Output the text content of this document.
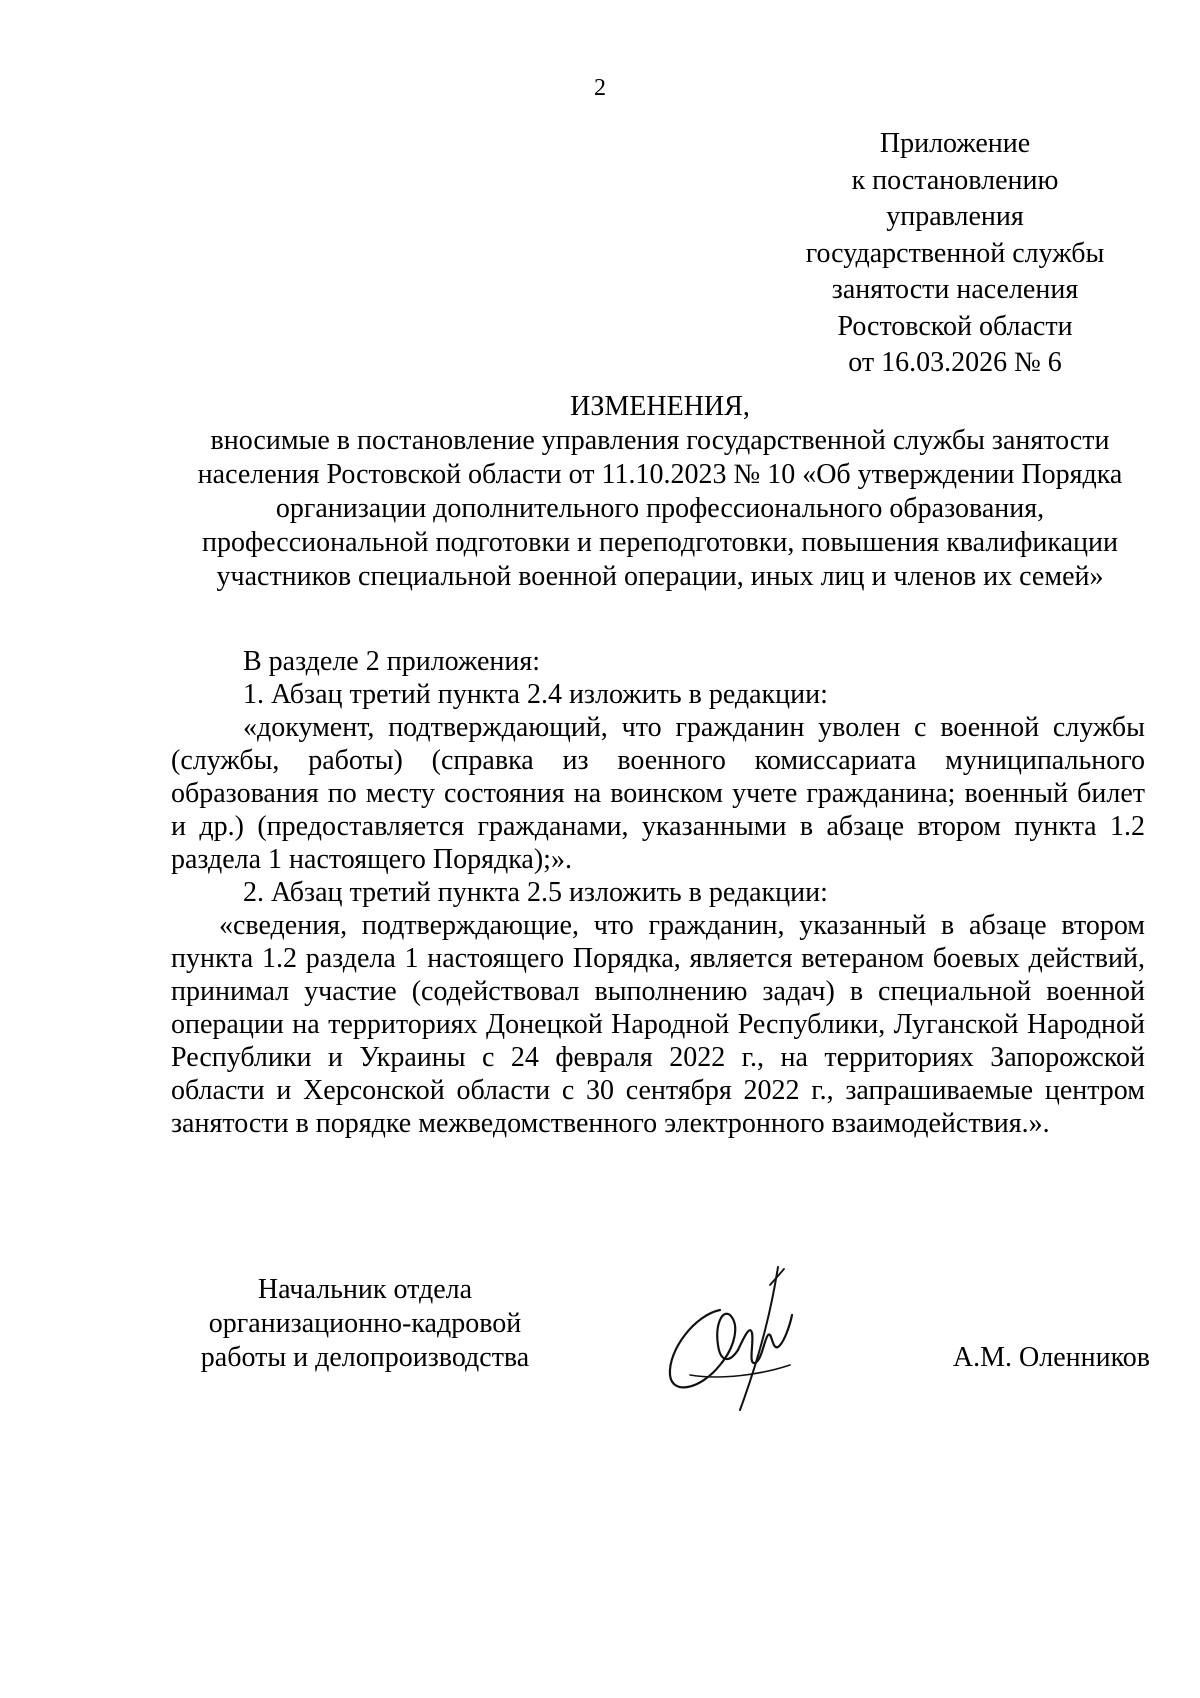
2
Приложение
к постановлению
управления
государственной службы
занятости населения
Ростовской области
от 16.03.2026 № 6
ИЗМЕНЕНИЯ,
вносимые в постановление управления государственной службы занятости
населения Ростовской области от 11.10.2023 № 10 «Об утверждении Порядка
организации дополнительного профессионального образования,
профессиональной подготовки и переподготовки, повышения квалификации
участников специальной военной операции, иных лиц и членов их семей»
В разделе 2 приложения:
1. Абзац третий пункта 2.4 изложить в редакции:
«документ, подтверждающий, что гражданин уволен с военной службы (службы, работы) (справка из военного комиссариата муниципального образования по месту состояния на воинском учете гражданина; военный билет и др.) (предоставляется гражданами, указанными в абзаце втором пункта 1.2 раздела 1 настоящего Порядка);».
2. Абзац третий пункта 2.5 изложить в редакции:
«сведения, подтверждающие, что гражданин, указанный в абзаце втором пункта 1.2 раздела 1 настоящего Порядка, является ветераном боевых действий, принимал участие (содействовал выполнению задач) в специальной военной операции на территориях Донецкой Народной Республики, Луганской Народной Республики и Украины с 24 февраля 2022 г., на территориях Запорожской области и Херсонской области с 30 сентября 2022 г., запрашиваемые центром занятости в порядке межведомственного электронного взаимодействия.».
Начальник отдела
организационно-кадровой
работы и делопроизводства	А.М. Оленников
